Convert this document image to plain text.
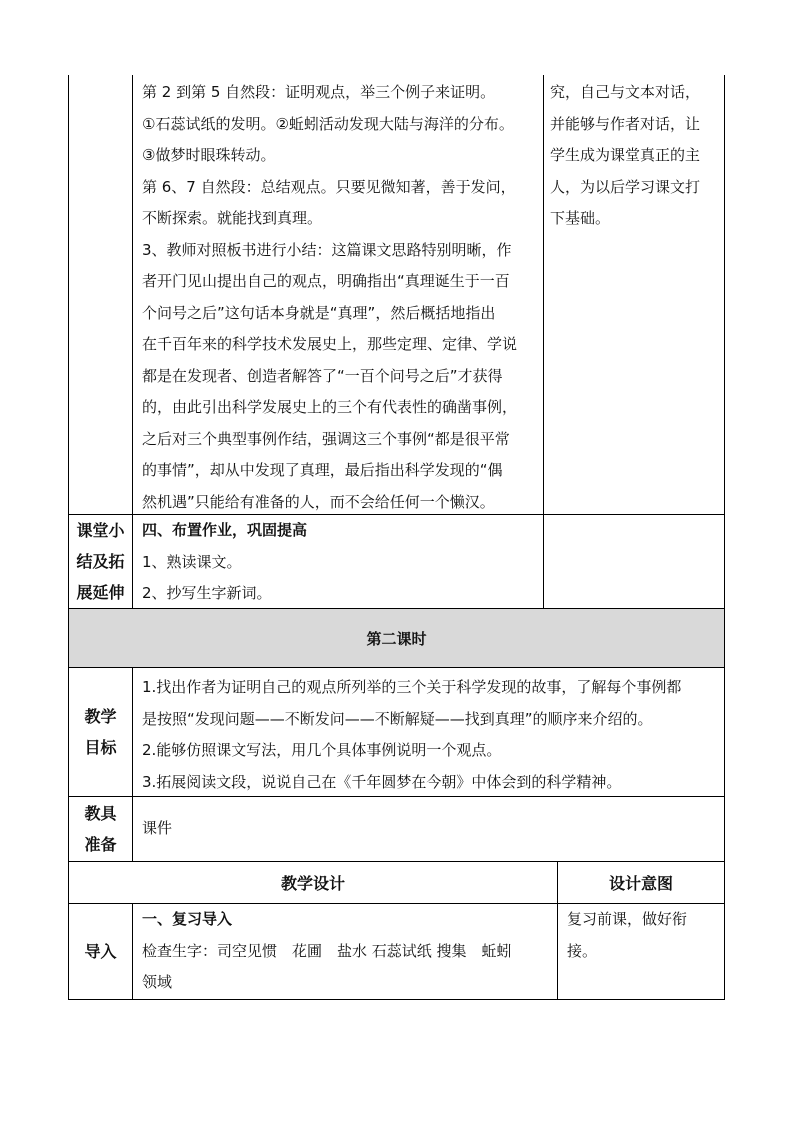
第 2 到第 5 自然段：证明观点，举三个例子来证明。

①石蕊试纸的发明。②蚯蚓活动发现大陆与海洋的分布。

③做梦时眼珠转动。

第 6、7 自然段：总结观点。只要见微知著，善于发问，

不断探索。就能找到真理。

3、教师对照板书进行小结：这篇课文思路特别明晰，作

者开门见山提出自己的观点，明确指出“真理诞生于一百

个问号之后”这句话本身就是“真理”，然后概括地指出

在千百年来的科学技术发展史上，那些定理、定律、学说

都是在发现者、创造者解答了“一百个问号之后”才获得

的，由此引出科学发展史上的三个有代表性的确凿事例，

之后对三个典型事例作结，强调这三个事例“都是很平常

的事情”，却从中发现了真理，最后指出科学发现的“偶

然机遇”只能给有准备的人，而不会给任何一个懒汉。

究，自己与文本对话，

并能够与作者对话，让

学生成为课堂真正的主

人，为以后学习课文打

下基础。

课堂小
结及拓
展延伸

四、布置作业，巩固提高

1、熟读课文。

2、抄写生字新词。

第二课时
教学
目标

1.找出作者为证明自己的观点所列举的三个关于科学发现的故事，了解每个事例都

是按照“发现问题——不断发问——不断解疑——找到真理”的顺序来介绍的。

2.能够仿照课文写法，用几个具体事例说明一个观点。

3.拓展阅读文段，说说自己在《千年圆梦在今朝》中体会到的科学精神。

教具
准备

课件

教学设计	设计意图
导入

一、复习导入

检查生字：司空见惯　花圃　盐水 石蕊试纸 搜集　蚯蚓

领域

复习前课，做好衔

接。
